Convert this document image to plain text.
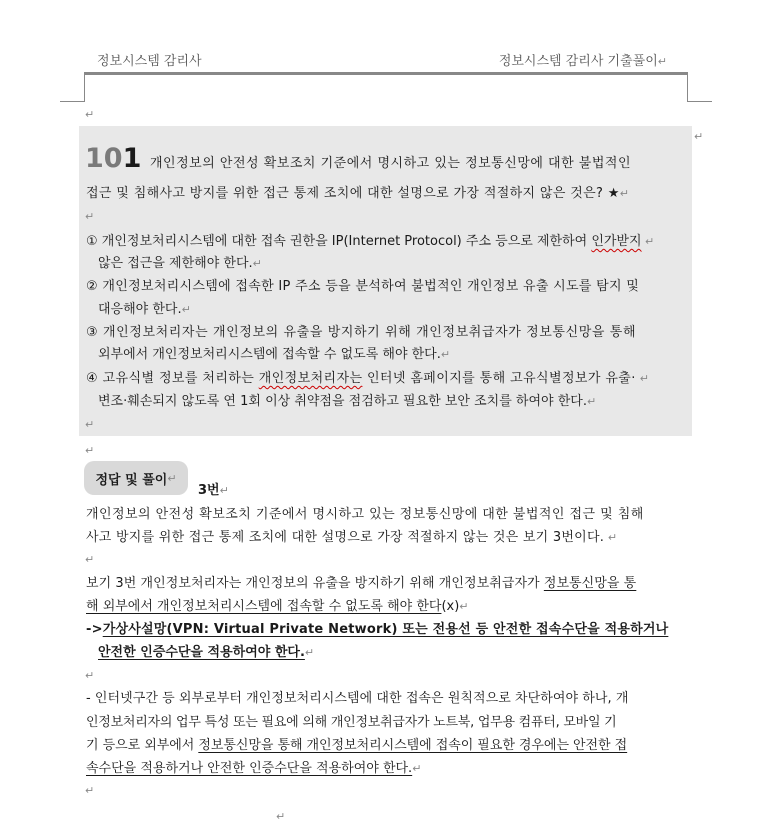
정보시스템 감리사	정보시스템 감리사 기출풀이↵
↵
↵
101 개인정보의 안전성 확보조치 기준에서 명시하고 있는 정보통신망에 대한 불법적인
접근 및 침해사고 방지를 위한 접근 통제 조치에 대한 설명으로 가장 적절하지 않은 것은? ★↵
↵
① 개인정보처리시스템에 대한 접속 권한을 IP(Internet Protocol) 주소 등으로 제한하여 인가받지 ↵
않은 접근을 제한해야 한다.↵
② 개인정보처리시스템에 접속한 IP 주소 등을 분석하여 불법적인 개인정보 유출 시도를 탐지 및
대응해야 한다.↵
③ 개인정보처리자는 개인정보의 유출을 방지하기 위해 개인정보취급자가 정보통신망을 통해
외부에서 개인정보처리시스템에 접속할 수 없도록 해야 한다.↵
④ 고유식별 정보를 처리하는 개인정보처리자는 인터넷 홈페이지를 통해 고유식별정보가 유출· ↵
변조·훼손되지 않도록 연 1회 이상 취약점을 점검하고 필요한 보안 조치를 하여야 한다.↵
↵
↵
정답 및 풀이 ↵
3번↵
개인정보의 안전성 확보조치 기준에서 명시하고 있는 정보통신망에 대한 불법적인 접근 및 침해
사고 방지를 위한 접근 통제 조치에 대한 설명으로 가장 적절하지 않는 것은 보기 3번이다. ↵
↵
보기 3번 개인정보처리자는 개인정보의 유출을 방지하기 위해 개인정보취급자가 정보통신망을 통
해 외부에서 개인정보처리시스템에 접속할 수 없도록 해야 한다(x)↵
->가상사설망(VPN: Virtual Private Network) 또는 전용선 등 안전한 접속수단을 적용하거나
안전한 인증수단을 적용하여야 한다.↵
↵
- 인터넷구간 등 외부로부터 개인정보처리시스템에 대한 접속은 원칙적으로 차단하여야 하나, 개
인정보처리자의 업무 특성 또는 필요에 의해 개인정보취급자가 노트북, 업무용 컴퓨터, 모바일 기
기 등으로 외부에서 정보통신망을 통해 개인정보처리시스템에 접속이 필요한 경우에는 안전한 접
속수단을 적용하거나 안전한 인증수단을 적용하여야 한다.↵
↵
↵
